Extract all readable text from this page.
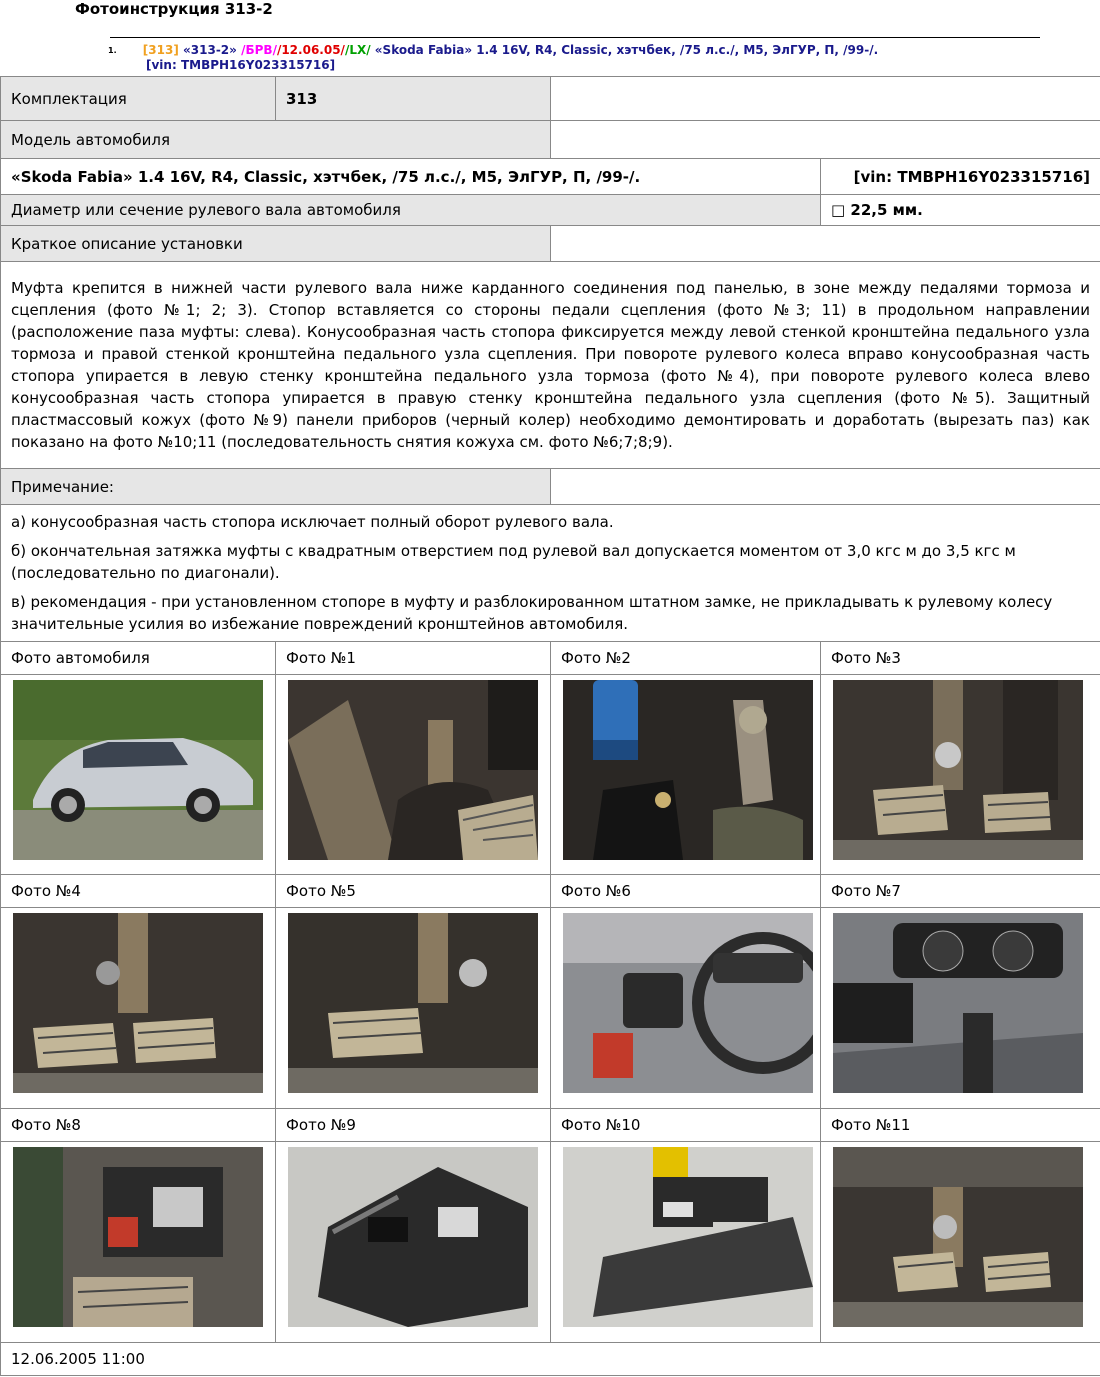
Фотоинструкция 313-2
1. [313] «313-2» /БРВ//12.06.05//LX/ «Skoda Fabia» 1.4 16V, R4, Classic, хэтчбек, /75 л.с./, М5, ЭлГУР, П, /99-/.
[vin: TMBPH16Y023315716]
Комплектация	313		
Модель автомобиля			
«Skoda Fabia» 1.4 16V, R4, Classic, хэтчбек, /75 л.с./, М5, ЭлГУР, П, /99-/.			[vin: TMBPH16Y023315716]
Диаметр или сечение рулевого вала автомобиля			□ 22,5 мм.
Краткое описание установки			
Муфта крепится в нижней части рулевого вала ниже карданного соединения под панелью, в зоне между педалями тормоза и сцепления (фото №1; 2; 3). Стопор вставляется со стороны педали сцепления (фото №3; 11) в продольном направлении (расположение паза муфты: слева). Конусообразная часть стопора фиксируется между левой стенкой кронштейна педального узла тормоза и правой стенкой кронштейна педального узла сцепления. При повороте рулевого колеса вправо конусообразная часть стопора упирается в левую стенку кронштейна педального узла тормоза (фото №4), при повороте рулевого колеса влево конусообразная часть стопора упирается в правую стенку кронштейна педального узла сцепления (фото №5). Защитный пластмассовый кожух (фото №9) панели приборов (черный колер) необходимо демонтировать и доработать (вырезать паз) как показано на фото №10;11 (последовательность снятия кожуха см. фото №6;7;8;9).			
Примечание:			

а) конусообразная часть стопора исключает полный оборот рулевого вала.

б) окончательная затяжка муфты с квадратным отверстием под рулевой вал допускается моментом от 3,0 кгс м до 3,5 кгс м (последовательно по диагонали).

в) рекомендация - при установленном стопоре в муфту и разблокированном штатном замке, не прикладывать к рулевому колесу значительные усилия во избежание повреждений кронштейнов автомобиля.			

Фото автомобиля	Фото №1	Фото №2	Фото №3

Фото №4	Фото №5	Фото №6	Фото №7

Фото №8	Фото №9	Фото №10	Фото №11

12.06.2005 11:00			
